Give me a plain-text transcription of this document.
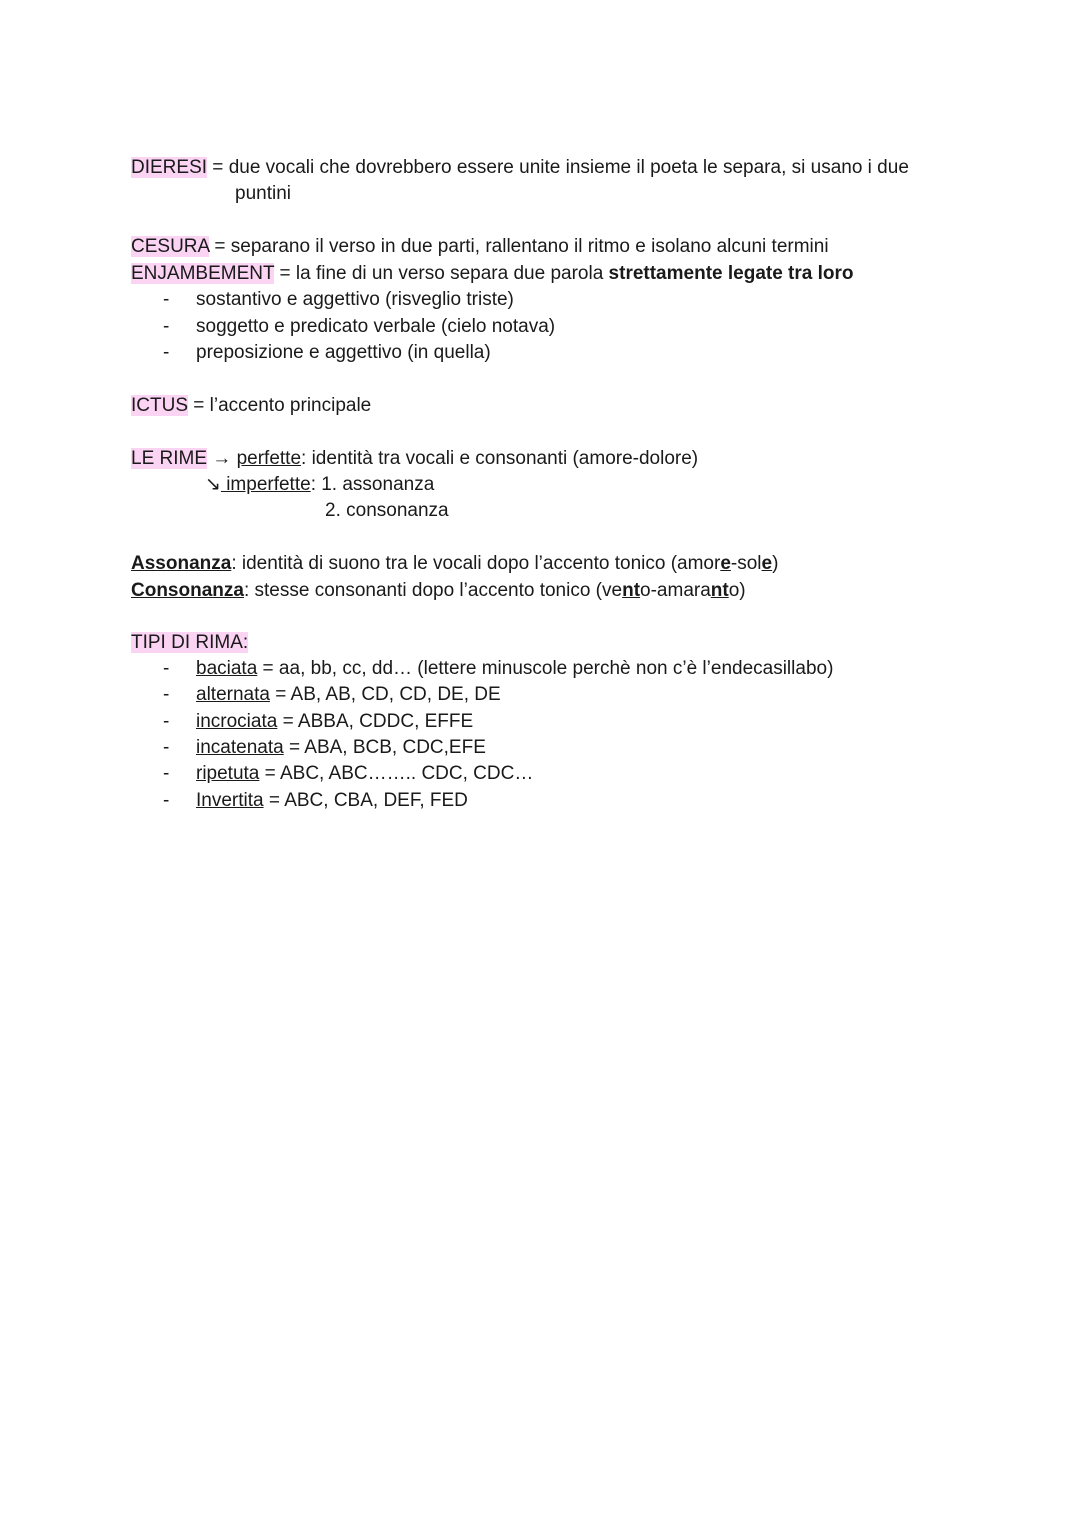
DIERESI = due vocali che dovrebbero essere unite insieme il poeta le separa, si usano i due
puntini
CESURA = separano il verso in due parti, rallentano il ritmo e isolano alcuni termini
ENJAMBEMENT = la fine di un verso separa due parola strettamente legate tra loro
- sostantivo e aggettivo (risveglio triste)
- soggetto e predicato verbale (cielo notava)
- preposizione e aggettivo (in quella)
ICTUS = l’accento principale
LE RIME → perfette: identità tra vocali e consonanti (amore-dolore)
↘ imperfette: 1. assonanza
2. consonanza
Assonanza: identità di suono tra le vocali dopo l’accento tonico (amore-sole)
Consonanza: stesse consonanti dopo l’accento tonico (vento-amaranto)
TIPI DI RIMA:
- baciata = aa, bb, cc, dd… (lettere minuscole perchè non c’è l’endecasillabo)
- alternata = AB, AB, CD, CD, DE, DE
- incrociata = ABBA, CDDC, EFFE
- incatenata = ABA, BCB, CDC,EFE
- ripetuta = ABC, ABC…….. CDC, CDC…
- Invertita = ABC, CBA, DEF, FED
